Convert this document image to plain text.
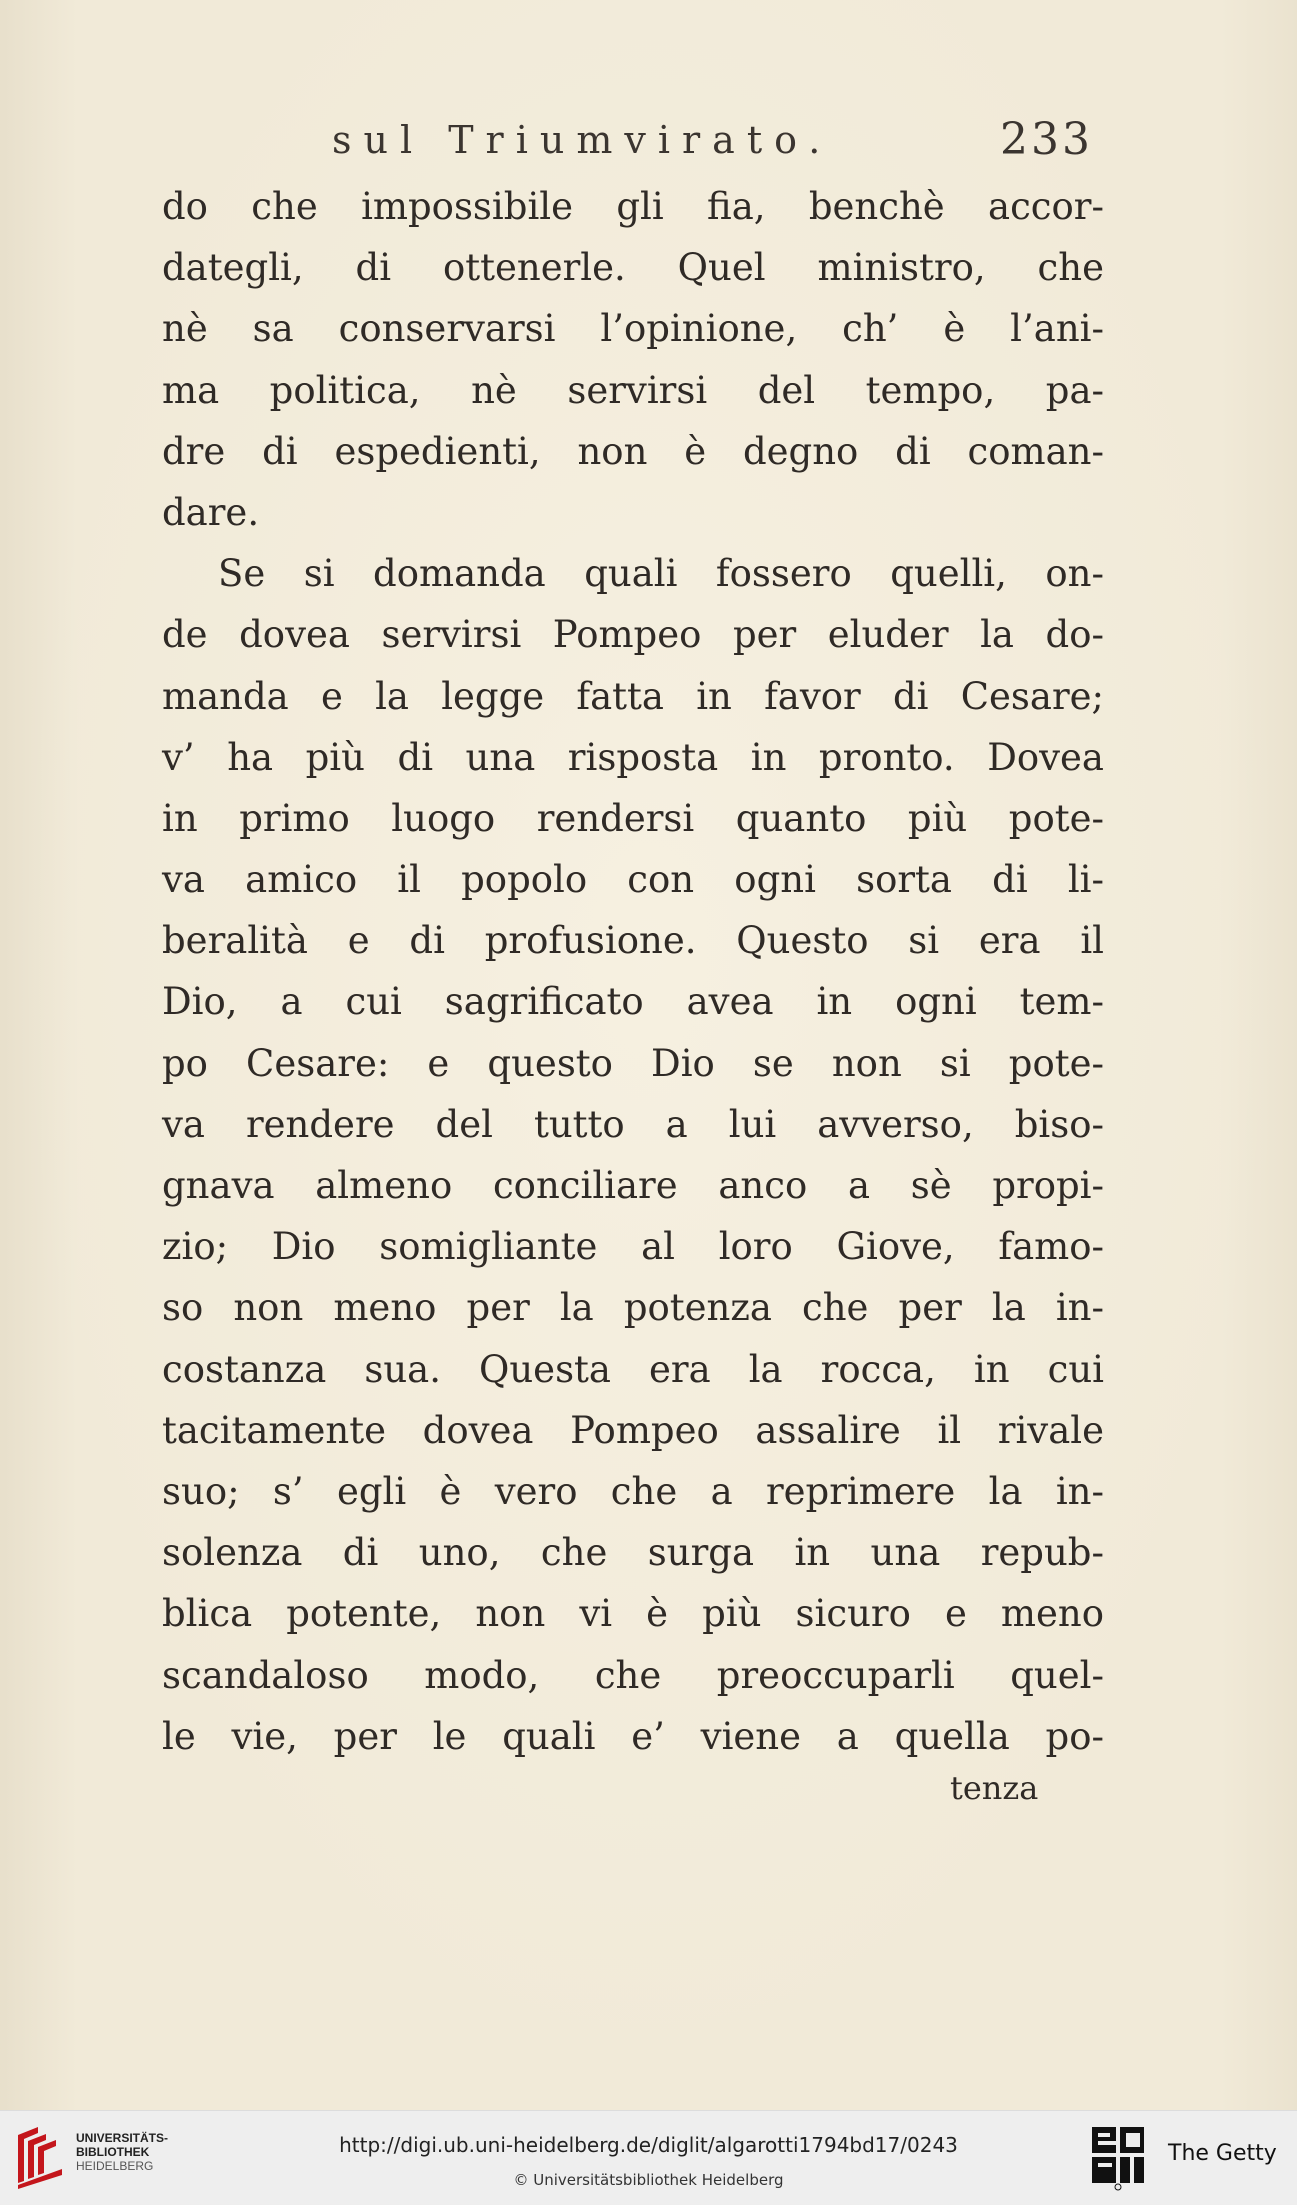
sul Triumvirato.	233
do che impossibile gli fia, benchè accor-
dategli, di ottenerle. Quel ministro, che
nè sa conservarsi l’opinione, ch’ è l’ani-
ma politica, nè servirsi del tempo, pa-
dre di espedienti, non è degno di coman-
dare.
Se si domanda quali fossero quelli, on-
de dovea servirsi Pompeo per eluder la do-
manda e la legge fatta in favor di Cesare;
v’ ha più di una risposta in pronto. Dovea
in primo luogo rendersi quanto più pote-
va amico il popolo con ogni sorta di li-
beralità e di profusione. Questo si era il
Dio, a cui sagrificato avea in ogni tem-
po Cesare: e questo Dio se non si pote-
va rendere del tutto a lui avverso, biso-
gnava almeno conciliare anco a sè propi-
zio; Dio somigliante al loro Giove, famo-
so non meno per la potenza che per la in-
costanza sua. Questa era la rocca, in cui
tacitamente dovea Pompeo assalire il rivale
suo; s’ egli è vero che a reprimere la in-
solenza di uno, che surga in una repub-
blica potente, non vi è più sicuro e meno
scandaloso modo, che preoccuparli quel-
le vie, per le quali e’ viene a quella po-
tenza
UNIVERSITÄTS-
BIBLIOTHEK
HEIDELBERG
http://digi.ub.uni-heidelberg.de/diglit/algarotti1794bd17/0243
© Universitätsbibliothek Heidelberg
The Getty
